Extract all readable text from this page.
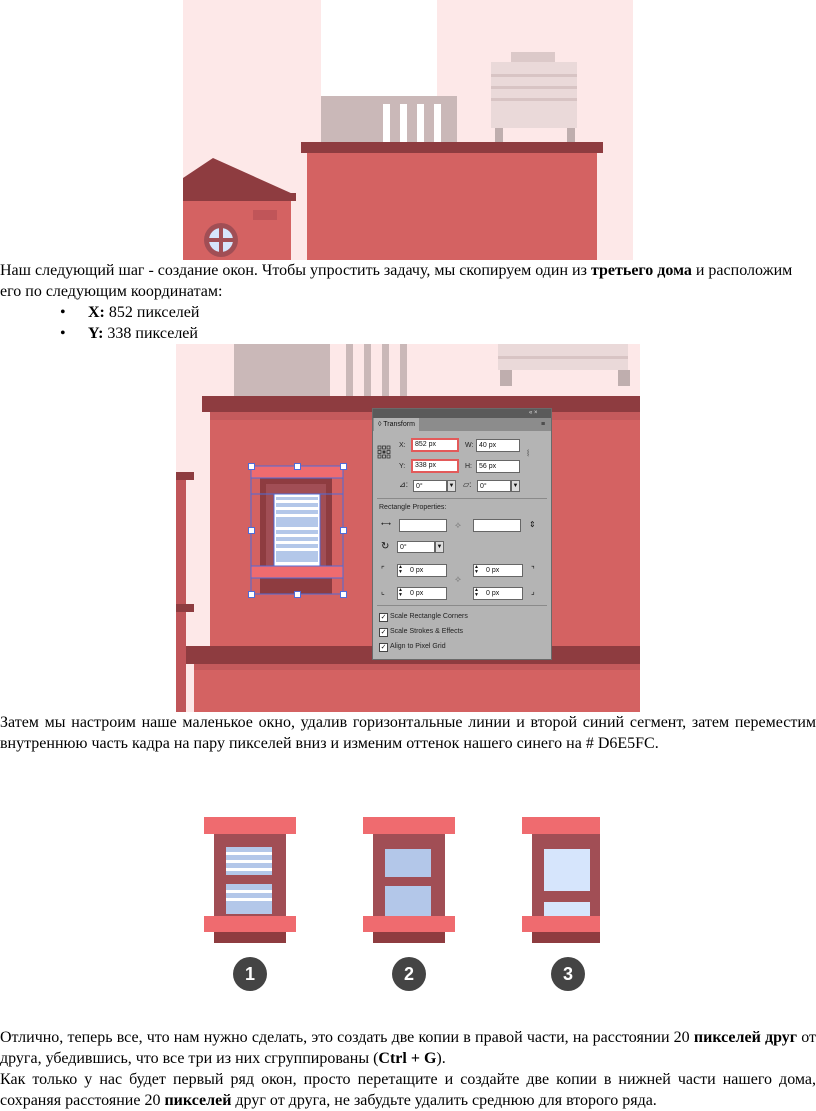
Наш следующий шаг - создание окон. Чтобы упростить задачу, мы скопируем один из третьего дома и расположим его по следующим координатам:

• X: 852 пикселей
• Y: 338 пикселей
« ×
◊ Transform	≡
X:	852 px	W: 40 px
Y:	338 px	H:	56 px
⧙
⊿:	0°	▼ ▱:	0°	▼
Rectangle Properties:
⟷	⟡	⇕
↻	0°	▼
⌜	0 px
▲
▼	0 px
▲
▼	⌝
⟡
⌞	0 px
▲
▼	0 px
▲
▼	⌟
✓ Scale Rectangle Corners
✓ Scale Strokes & Effects
✓ Align to Pixel Grid

Затем мы настроим наше маленькое окно, удалив горизонтальные линии и второй синий сегмент, затем переместим внутреннюю часть кадра на пару пикселей вниз и изменим оттенок нашего синего на # D6E5FC.

1	2	3

Отлично, теперь все, что нам нужно сделать, это создать две копии в правой части, на расстоянии 20 пикселей друг от друга, убедившись, что все три из них сгруппированы (Ctrl + G).

Как только у нас будет первый ряд окон, просто перетащите и создайте две копии в нижней части нашего дома, сохраняя расстояние 20 пикселей друг от друга, не забудьте удалить среднюю для второго ряда.
